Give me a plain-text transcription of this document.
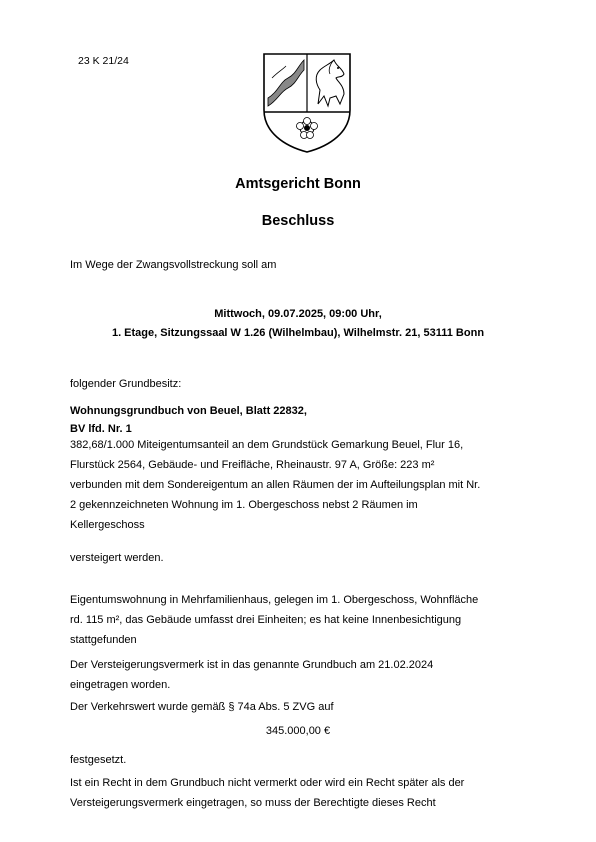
23 K 21/24
Amtsgericht Bonn
Beschluss
Im Wege der Zwangsvollstreckung soll am
Mittwoch, 09.07.2025, 09:00 Uhr,
1. Etage, Sitzungssaal W 1.26 (Wilhelmbau), Wilhelmstr. 21, 53111 Bonn
folgender Grundbesitz:
Wohnungsgrundbuch von Beuel, Blatt 22832,
BV lfd. Nr. 1
382,68/1.000 Miteigentumsanteil an dem Grundstück Gemarkung Beuel, Flur 16,
Flurstück 2564, Gebäude- und Freifläche, Rheinaustr. 97 A, Größe: 223 m²
verbunden mit dem Sondereigentum an allen Räumen der im Aufteilungsplan mit Nr.
2 gekennzeichneten Wohnung im 1. Obergeschoss nebst 2 Räumen im
Kellergeschoss
versteigert werden.
Eigentumswohnung in Mehrfamilienhaus, gelegen im 1. Obergeschoss, Wohnfläche
rd. 115 m², das Gebäude umfasst drei Einheiten; es hat keine Innenbesichtigung
stattgefunden
Der Versteigerungsvermerk ist in das genannte Grundbuch am 21.02.2024
eingetragen worden.
Der Verkehrswert wurde gemäß § 74a Abs. 5 ZVG auf
345.000,00 €
festgesetzt.
Ist ein Recht in dem Grundbuch nicht vermerkt oder wird ein Recht später als der
Versteigerungsvermerk eingetragen, so muss der Berechtigte dieses Recht
